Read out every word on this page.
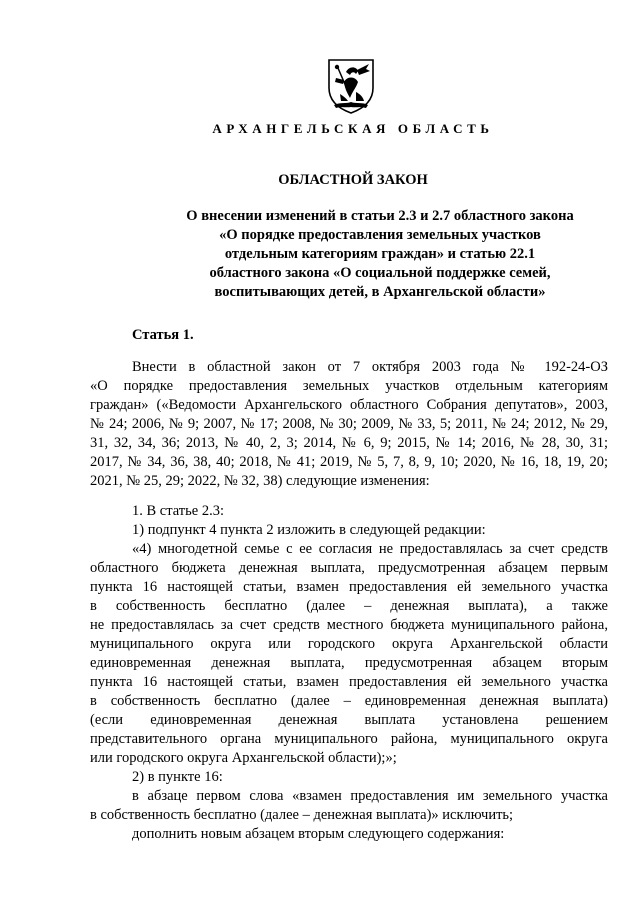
АРХАНГЕЛЬСКАЯ ОБЛАСТЬ
ОБЛАСТНОЙ ЗАКОН
О внесении изменений в статьи 2.3 и 2.7 областного закона
«О порядке предоставления земельных участков
отдельным категориям граждан» и статью 22.1
областного закона «О социальной поддержке семей,
воспитывающих детей, в Архангельской области»
Статья 1.
Внести в областной закон от 7 октября 2003 года № 192-24-ОЗ
«О порядке предоставления земельных участков отдельным категориям
граждан» («Ведомости Архангельского областного Собрания депутатов», 2003,
№ 24; 2006, № 9; 2007, № 17; 2008, № 30; 2009, № 33, 5; 2011, № 24; 2012, № 29,
31, 32, 34, 36; 2013, № 40, 2, 3; 2014, № 6, 9; 2015, № 14; 2016, № 28, 30, 31;
2017, № 34, 36, 38, 40; 2018, № 41; 2019, № 5, 7, 8, 9, 10; 2020, № 16, 18, 19, 20;
2021, № 25, 29; 2022, № 32, 38) следующие изменения:

1. В статье 2.3:

1) подпункт 4 пункта 2 изложить в следующей редакции:

«4) многодетной семье с ее согласия не предоставлялась за счет средств
областного бюджета денежная выплата, предусмотренная абзацем первым
пункта 16 настоящей статьи, взамен предоставления ей земельного участка
в собственность бесплатно (далее – денежная выплата), а также
не предоставлялась за счет средств местного бюджета муниципального района,
муниципального округа или городского округа Архангельской области
единовременная денежная выплата, предусмотренная абзацем вторым
пункта 16 настоящей статьи, взамен предоставления ей земельного участка
в собственность бесплатно (далее – единовременная денежная выплата)
(если единовременная денежная выплата установлена решением
представительного органа муниципального района, муниципального округа
или городского округа Архангельской области);»;

2) в пункте 16:

в абзаце первом слова «взамен предоставления им земельного участка
в собственность бесплатно (далее – денежная выплата)» исключить;

дополнить новым абзацем вторым следующего содержания:
